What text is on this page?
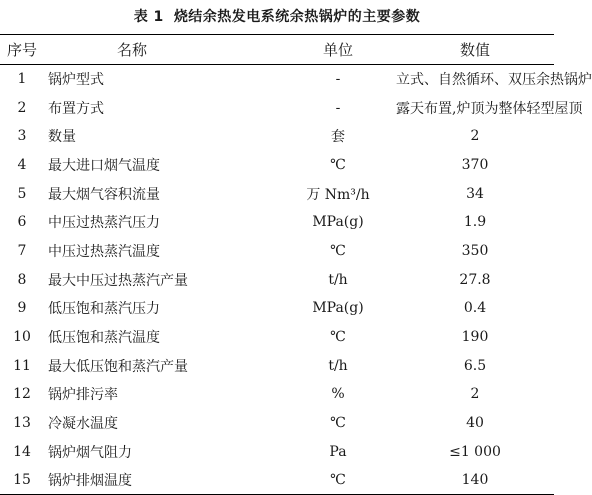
表 1 烧结余热发电系统余热锅炉的主要参数
序号	名称	单位	数值
1	锅炉型式	-	立式、自然循环、双压余热锅炉
2	布置方式	-	露天布置,炉顶为整体轻型屋顶
3	数量	套	2
4	最大进口烟气温度	℃	370
5	最大烟气容积流量	万 Nm³/h	34
6	中压过热蒸汽压力	MPa(g)	1.9
7	中压过热蒸汽温度	℃	350
8	最大中压过热蒸汽产量	t/h	27.8
9	低压饱和蒸汽压力	MPa(g)	0.4
10	低压饱和蒸汽温度	℃	190
11	最大低压饱和蒸汽产量	t/h	6.5
12	锅炉排污率	%	2
13	冷凝水温度	℃	40
14	锅炉烟气阻力	Pa	≤1 000
15	锅炉排烟温度	℃	140
